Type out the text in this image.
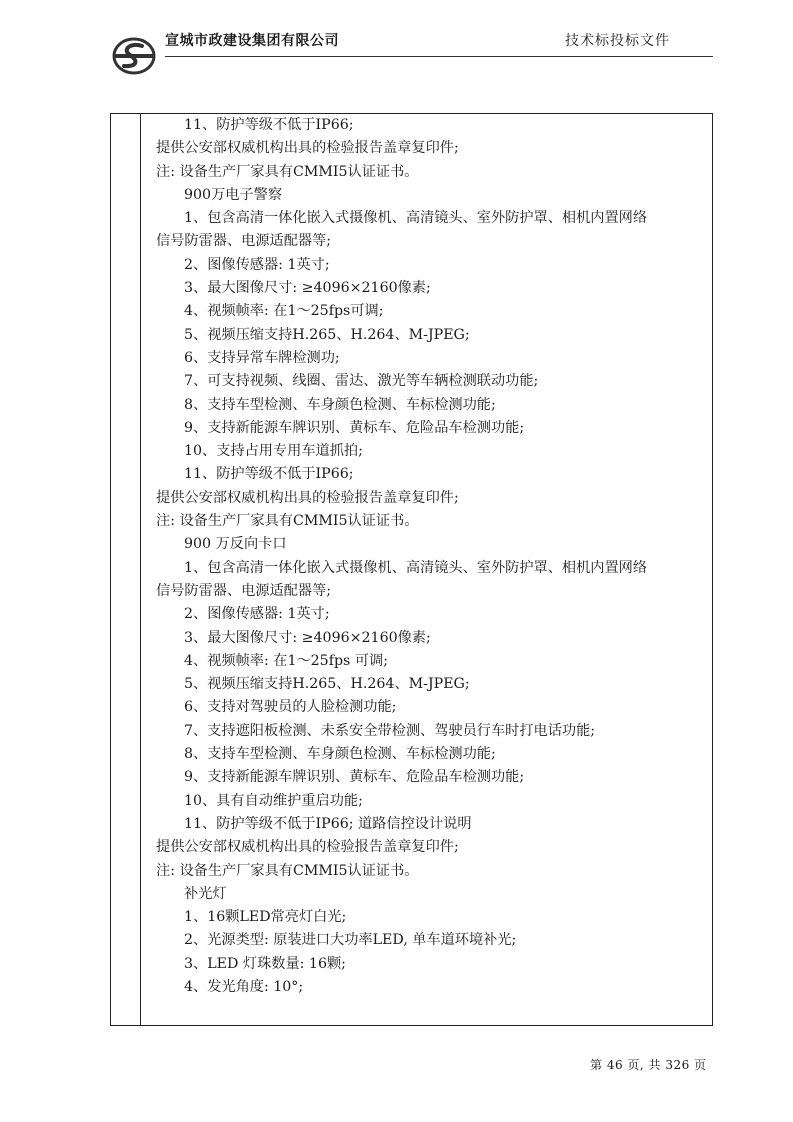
宣城市政建设集团有限公司	技术标投标文件
11、防护等级不低于IP66;
提供公安部权威机构出具的检验报告盖章复印件;
注: 设备生产厂家具有CMMI5认证证书。
900万电子警察
1、包含高清一体化嵌入式摄像机、高清镜头、室外防护罩、相机内置网络
信号防雷器、电源适配器等;
2、图像传感器: 1英寸;
3、最大图像尺寸: ≥4096×2160像素;
4、视频帧率: 在1～25fps可调;
5、视频压缩支持H.265、H.264、M-JPEG;
6、支持异常车牌检测功;
7、可支持视频、线圈、雷达、激光等车辆检测联动功能;
8、支持车型检测、车身颜色检测、车标检测功能;
9、支持新能源车牌识别、黄标车、危险品车检测功能;
10、支持占用专用车道抓拍;
11、防护等级不低于IP66;
提供公安部权威机构出具的检验报告盖章复印件;
注: 设备生产厂家具有CMMI5认证证书。
900 万反向卡口
1、包含高清一体化嵌入式摄像机、高清镜头、室外防护罩、相机内置网络
信号防雷器、电源适配器等;
2、图像传感器: 1英寸;
3、最大图像尺寸: ≥4096×2160像素;
4、视频帧率: 在1～25fps 可调;
5、视频压缩支持H.265、H.264、M-JPEG;
6、支持对驾驶员的人脸检测功能;
7、支持遮阳板检测、未系安全带检测、驾驶员行车时打电话功能;
8、支持车型检测、车身颜色检测、车标检测功能;
9、支持新能源车牌识别、黄标车、危险品车检测功能;
10、具有自动维护重启功能;
11、防护等级不低于IP66; 道路信控设计说明
提供公安部权威机构出具的检验报告盖章复印件;
注: 设备生产厂家具有CMMI5认证证书。
补光灯
1、16颗LED常亮灯白光;
2、光源类型: 原装进口大功率LED, 单车道环境补光;
3、LED 灯珠数量: 16颗;
4、发光角度: 10°;
第 46 页, 共 326 页
